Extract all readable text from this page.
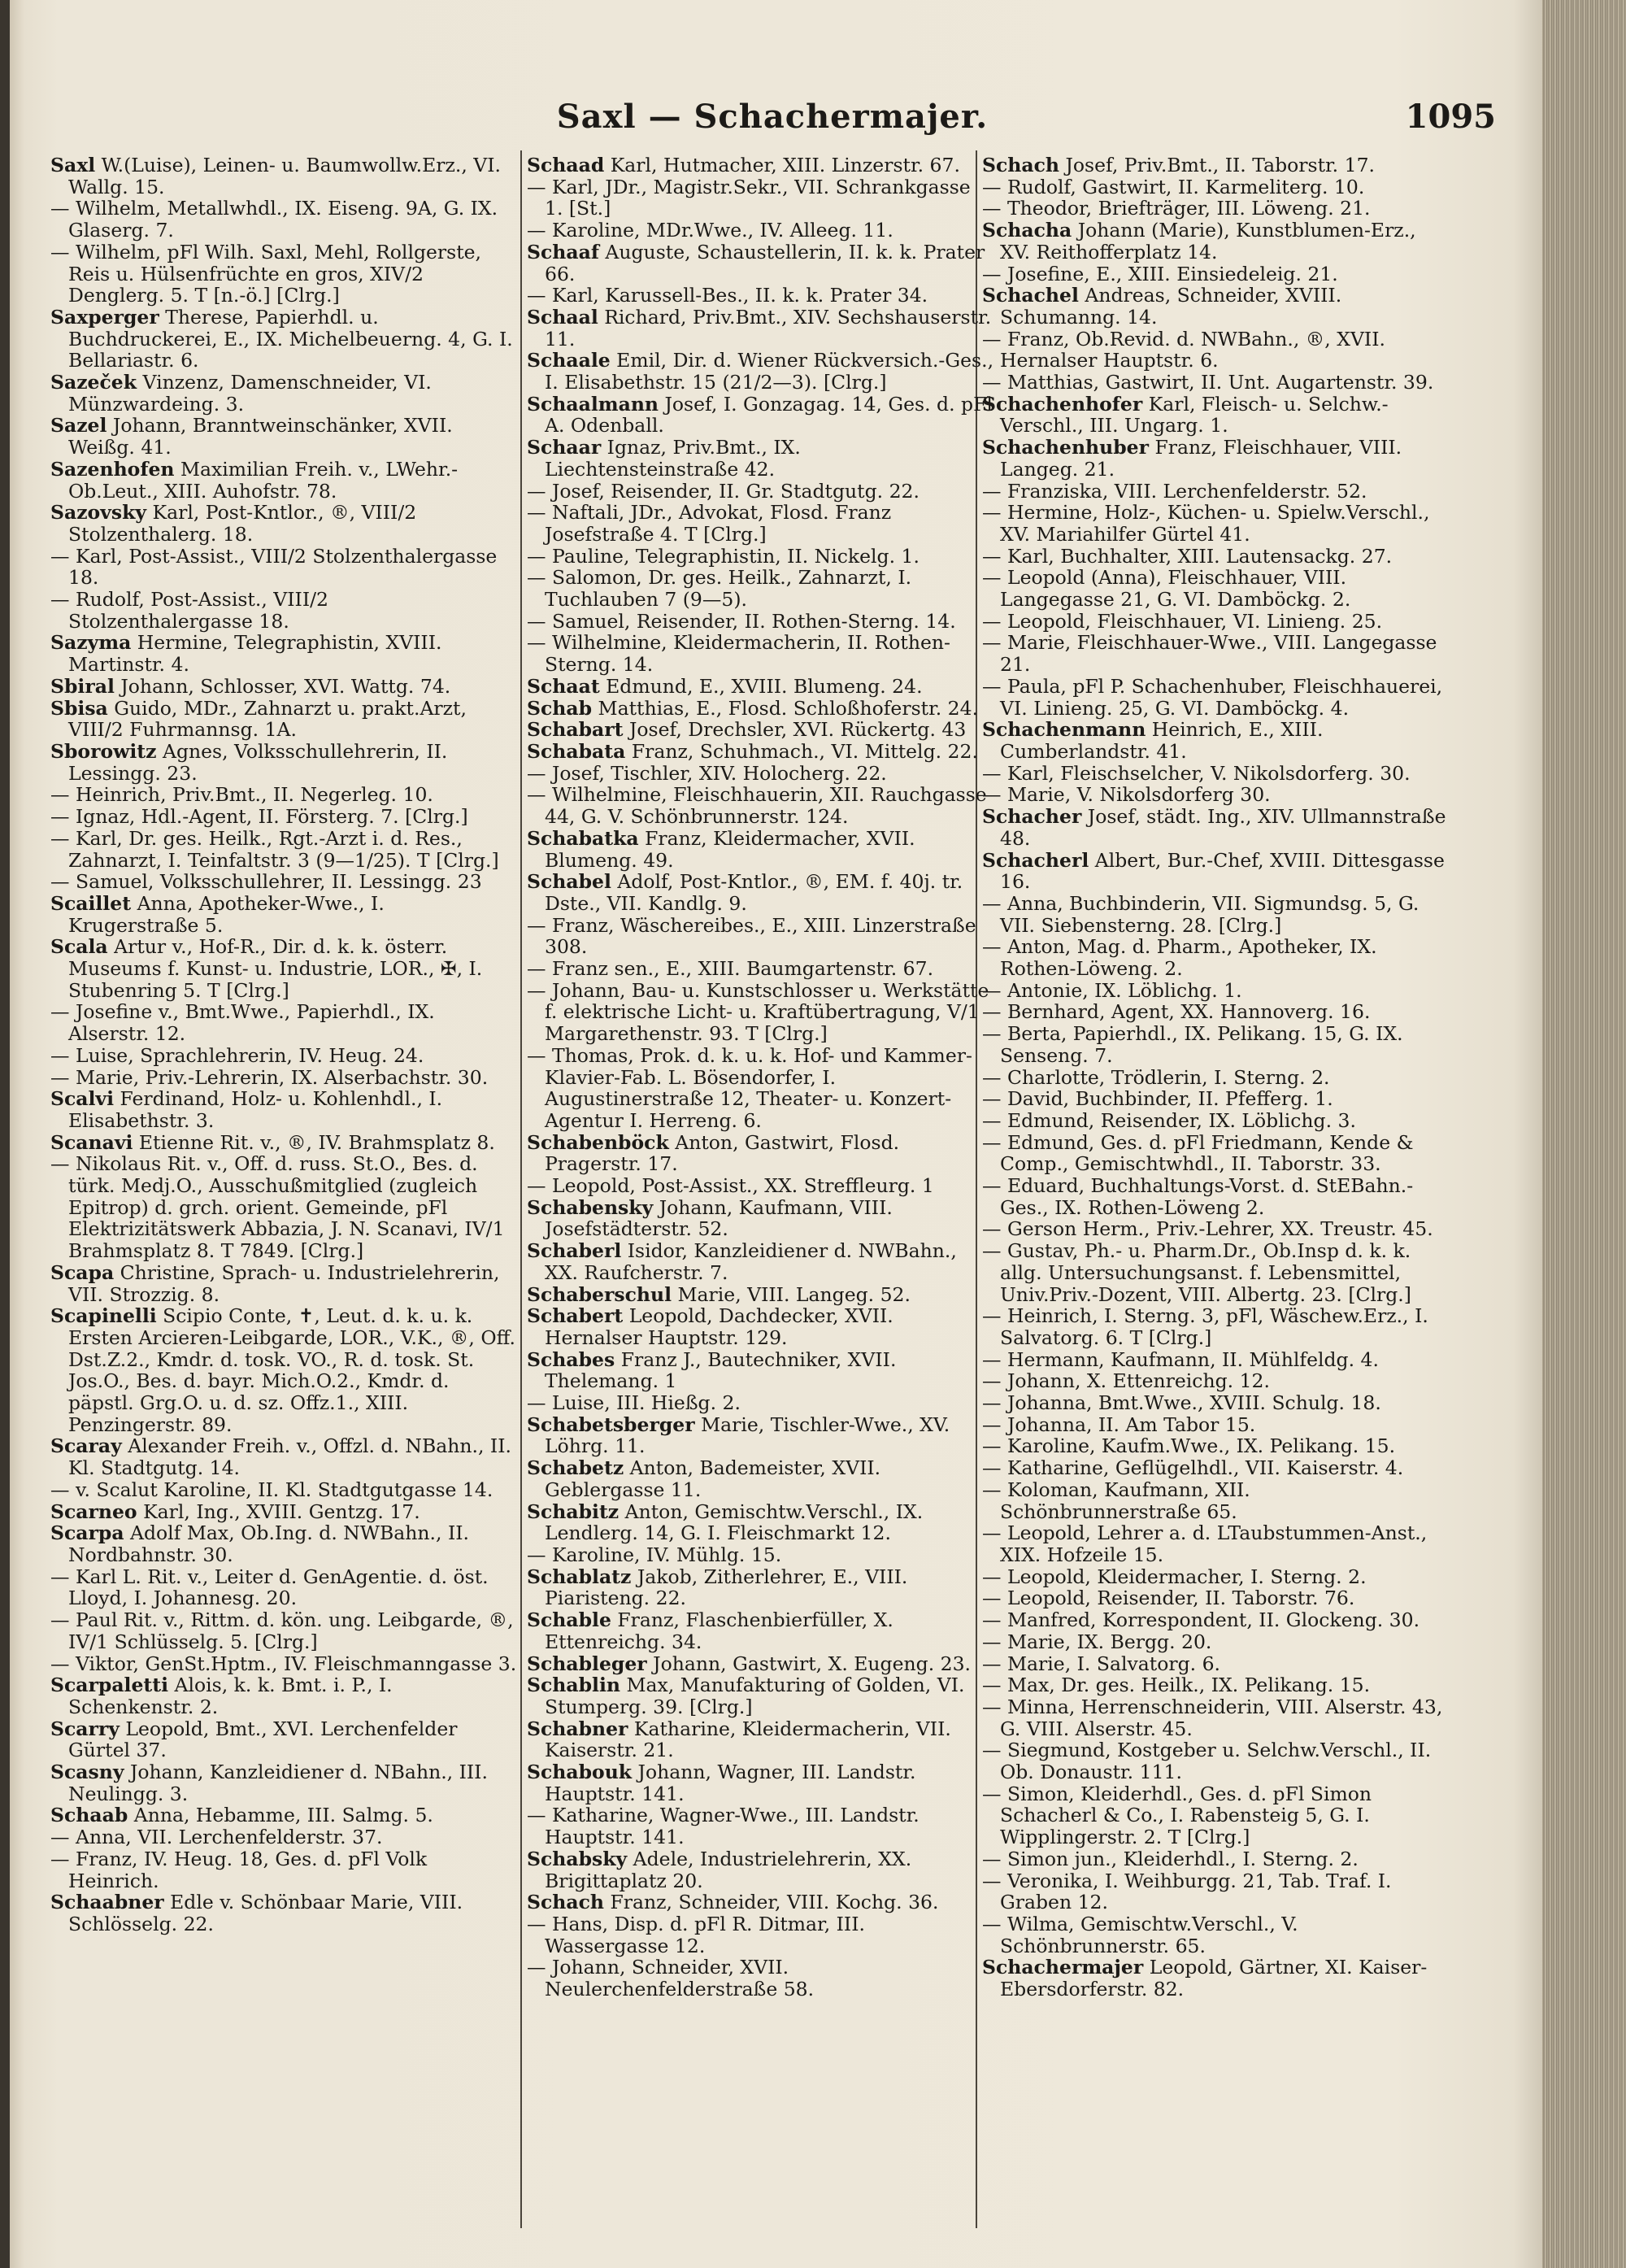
Saxl — Schachermajer.	1095

Saxl W.(Luise), Leinen- u. Baumwollw.Erz., VI. Wallg. 15.

— Wilhelm, Metallwhdl., IX. Eiseng. 9A, G. IX. Glaserg. 7.

— Wilhelm, pFl Wilh. Saxl, Mehl, Rollgerste, Reis u. Hülsenfrüchte en gros, XIV/2 Denglerg. 5. T [n.-ö.] [Clrg.]

Saxperger Therese, Papierhdl. u. Buchdruckerei, E., IX. Michelbeuerng. 4, G. I. Bellariastr. 6.

Sazeček Vinzenz, Damenschneider, VI. Münzwardeing. 3.

Sazel Johann, Branntweinschänker, XVII. Weißg. 41.

Sazenhofen Maximilian Freih. v., LWehr.-Ob.Leut., XIII. Auhofstr. 78.

Sazovsky Karl, Post-Kntlor., ®, VIII/2 Stolzenthalerg. 18.

— Karl, Post-Assist., VIII/2 Stolzenthalergasse 18.

— Rudolf, Post-Assist., VIII/2 Stolzenthalergasse 18.

Sazyma Hermine, Telegraphistin, XVIII. Martinstr. 4.

Sbiral Johann, Schlosser, XVI. Wattg. 74.

Sbisa Guido, MDr., Zahnarzt u. prakt.Arzt, VIII/2 Fuhrmannsg. 1A.

Sborowitz Agnes, Volksschullehrerin, II. Lessingg. 23.

— Heinrich, Priv.Bmt., II. Negerleg. 10.

— Ignaz, Hdl.-Agent, II. Försterg. 7. [Clrg.]

— Karl, Dr. ges. Heilk., Rgt.-Arzt i. d. Res., Zahnarzt, I. Teinfaltstr. 3 (9—1/25). T [Clrg.]

— Samuel, Volksschullehrer, II. Lessingg. 23

Scaillet Anna, Apotheker-Wwe., I. Krugerstraße 5.

Scala Artur v., Hof-R., Dir. d. k. k. österr. Museums f. Kunst- u. Industrie, LOR., ✠, I. Stubenring 5. T [Clrg.]

— Josefine v., Bmt.Wwe., Papierhdl., IX. Alserstr. 12.

— Luise, Sprachlehrerin, IV. Heug. 24.

— Marie, Priv.-Lehrerin, IX. Alserbachstr. 30.

Scalvi Ferdinand, Holz- u. Kohlenhdl., I. Elisabethstr. 3.

Scanavi Etienne Rit. v., ®, IV. Brahmsplatz 8.

— Nikolaus Rit. v., Off. d. russ. St.O., Bes. d. türk. Medj.O., Ausschußmitglied (zugleich Epitrop) d. grch. orient. Gemeinde, pFl Elektrizitätswerk Abbazia, J. N. Scanavi, IV/1 Brahmsplatz 8. T 7849. [Clrg.]

Scapa Christine, Sprach- u. Industrielehrerin, VII. Strozzig. 8.

Scapinelli Scipio Conte, ✝, Leut. d. k. u. k. Ersten Arcieren-Leibgarde, LOR., V.K., ®, Off. Dst.Z.2., Kmdr. d. tosk. VO., R. d. tosk. St. Jos.O., Bes. d. bayr. Mich.O.2., Kmdr. d. päpstl. Grg.O. u. d. sz. Offz.1., XIII. Penzingerstr. 89.

Scaray Alexander Freih. v., Offzl. d. NBahn., II. Kl. Stadtgutg. 14.

— v. Scalut Karoline, II. Kl. Stadtgutgasse 14.

Scarneo Karl, Ing., XVIII. Gentzg. 17.

Scarpa Adolf Max, Ob.Ing. d. NWBahn., II. Nordbahnstr. 30.

— Karl L. Rit. v., Leiter d. GenAgentie. d. öst. Lloyd, I. Johannesg. 20.

— Paul Rit. v., Rittm. d. kön. ung. Leibgarde, ®, IV/1 Schlüsselg. 5. [Clrg.]

— Viktor, GenSt.Hptm., IV. Fleischmanngasse 3.

Scarpaletti Alois, k. k. Bmt. i. P., I. Schenkenstr. 2.

Scarry Leopold, Bmt., XVI. Lerchenfelder Gürtel 37.

Scasny Johann, Kanzleidiener d. NBahn., III. Neulingg. 3.

Schaab Anna, Hebamme, III. Salmg. 5.

— Anna, VII. Lerchenfelderstr. 37.

— Franz, IV. Heug. 18, Ges. d. pFl Volk Heinrich.

Schaabner Edle v. Schönbaar Marie, VIII. Schlösselg. 22.

Schaad Karl, Hutmacher, XIII. Linzerstr. 67.

— Karl, JDr., Magistr.Sekr., VII. Schrankgasse 1. [St.]

— Karoline, MDr.Wwe., IV. Alleeg. 11.

Schaaf Auguste, Schaustellerin, II. k. k. Prater 66.

— Karl, Karussell-Bes., II. k. k. Prater 34.

Schaal Richard, Priv.Bmt., XIV. Sechshauserstr. 11.

Schaale Emil, Dir. d. Wiener Rückversich.-Ges., I. Elisabethstr. 15 (21/2—3). [Clrg.]

Schaalmann Josef, I. Gonzagag. 14, Ges. d. pFl A. Odenball.

Schaar Ignaz, Priv.Bmt., IX. Liechtensteinstraße 42.

— Josef, Reisender, II. Gr. Stadtgutg. 22.

— Naftali, JDr., Advokat, Flosd. Franz Josefstraße 4. T [Clrg.]

— Pauline, Telegraphistin, II. Nickelg. 1.

— Salomon, Dr. ges. Heilk., Zahnarzt, I. Tuchlauben 7 (9—5).

— Samuel, Reisender, II. Rothen-Sterng. 14.

— Wilhelmine, Kleidermacherin, II. Rothen-Sterng. 14.

Schaat Edmund, E., XVIII. Blumeng. 24.

Schab Matthias, E., Flosd. Schloßhoferstr. 24.

Schabart Josef, Drechsler, XVI. Rückertg. 43

Schabata Franz, Schuhmach., VI. Mittelg. 22.

— Josef, Tischler, XIV. Holocherg. 22.

— Wilhelmine, Fleischhauerin, XII. Rauchgasse 44, G. V. Schönbrunnerstr. 124.

Schabatka Franz, Kleidermacher, XVII. Blumeng. 49.

Schabel Adolf, Post-Kntlor., ®, EM. f. 40j. tr. Dste., VII. Kandlg. 9.

— Franz, Wäschereibes., E., XIII. Linzerstraße 308.

— Franz sen., E., XIII. Baumgartenstr. 67.

— Johann, Bau- u. Kunstschlosser u. Werkstätte f. elektrische Licht- u. Kraftübertragung, V/1 Margarethenstr. 93. T [Clrg.]

— Thomas, Prok. d. k. u. k. Hof- und Kammer-Klavier-Fab. L. Bösendorfer, I. Augustinerstraße 12, Theater- u. Konzert-Agentur I. Herreng. 6.

Schabenböck Anton, Gastwirt, Flosd. Pragerstr. 17.

— Leopold, Post-Assist., XX. Streffleurg. 1

Schabensky Johann, Kaufmann, VIII. Josefstädterstr. 52.

Schaberl Isidor, Kanzleidiener d. NWBahn., XX. Raufcherstr. 7.

Schaberschul Marie, VIII. Langeg. 52.

Schabert Leopold, Dachdecker, XVII. Hernalser Hauptstr. 129.

Schabes Franz J., Bautechniker, XVII. Thelemang. 1

— Luise, III. Hießg. 2.

Schabetsberger Marie, Tischler-Wwe., XV. Löhrg. 11.

Schabetz Anton, Bademeister, XVII. Geblergasse 11.

Schabitz Anton, Gemischtw.Verschl., IX. Lendlerg. 14, G. I. Fleischmarkt 12.

— Karoline, IV. Mühlg. 15.

Schablatz Jakob, Zitherlehrer, E., VIII. Piaristeng. 22.

Schable Franz, Flaschenbierfüller, X. Ettenreichg. 34.

Schableger Johann, Gastwirt, X. Eugeng. 23.

Schablin Max, Manufakturing of Golden, VI. Stumperg. 39. [Clrg.]

Schabner Katharine, Kleidermacherin, VII. Kaiserstr. 21.

Schabouk Johann, Wagner, III. Landstr. Hauptstr. 141.

— Katharine, Wagner-Wwe., III. Landstr. Hauptstr. 141.

Schabsky Adele, Industrielehrerin, XX. Brigittaplatz 20.

Schach Franz, Schneider, VIII. Kochg. 36.

— Hans, Disp. d. pFl R. Ditmar, III. Wassergasse 12.

— Johann, Schneider, XVII. Neulerchenfelderstraße 58.

Schach Josef, Priv.Bmt., II. Taborstr. 17.

— Rudolf, Gastwirt, II. Karmeliterg. 10.

— Theodor, Briefträger, III. Löweng. 21.

Schacha Johann (Marie), Kunstblumen-Erz., XV. Reithofferplatz 14.

— Josefine, E., XIII. Einsiedeleig. 21.

Schachel Andreas, Schneider, XVIII. Schumanng. 14.

— Franz, Ob.Revid. d. NWBahn., ®, XVII. Hernalser Hauptstr. 6.

— Matthias, Gastwirt, II. Unt. Augartenstr. 39.

Schachenhofer Karl, Fleisch- u. Selchw.-Verschl., III. Ungarg. 1.

Schachenhuber Franz, Fleischhauer, VIII. Langeg. 21.

— Franziska, VIII. Lerchenfelderstr. 52.

— Hermine, Holz-, Küchen- u. Spielw.Verschl., XV. Mariahilfer Gürtel 41.

— Karl, Buchhalter, XIII. Lautensackg. 27.

— Leopold (Anna), Fleischhauer, VIII. Langegasse 21, G. VI. Damböckg. 2.

— Leopold, Fleischhauer, VI. Linieng. 25.

— Marie, Fleischhauer-Wwe., VIII. Langegasse 21.

— Paula, pFl P. Schachenhuber, Fleischhauerei, VI. Linieng. 25, G. VI. Damböckg. 4.

Schachenmann Heinrich, E., XIII. Cumberlandstr. 41.

— Karl, Fleischselcher, V. Nikolsdorferg. 30.

— Marie, V. Nikolsdorferg 30.

Schacher Josef, städt. Ing., XIV. Ullmannstraße 48.

Schacherl Albert, Bur.-Chef, XVIII. Dittesgasse 16.

— Anna, Buchbinderin, VII. Sigmundsg. 5, G. VII. Siebensterng. 28. [Clrg.]

— Anton, Mag. d. Pharm., Apotheker, IX. Rothen-Löweng. 2.

— Antonie, IX. Löblichg. 1.

— Bernhard, Agent, XX. Hannoverg. 16.

— Berta, Papierhdl., IX. Pelikang. 15, G. IX. Senseng. 7.

— Charlotte, Trödlerin, I. Sterng. 2.

— David, Buchbinder, II. Pfefferg. 1.

— Edmund, Reisender, IX. Löblichg. 3.

— Edmund, Ges. d. pFl Friedmann, Kende & Comp., Gemischtwhdl., II. Taborstr. 33.

— Eduard, Buchhaltungs-Vorst. d. StEBahn.-Ges., IX. Rothen-Löweng 2.

— Gerson Herm., Priv.-Lehrer, XX. Treustr. 45.

— Gustav, Ph.- u. Pharm.Dr., Ob.Insp d. k. k. allg. Untersuchungsanst. f. Lebensmittel, Univ.Priv.-Dozent, VIII. Albertg. 23. [Clrg.]

— Heinrich, I. Sterng. 3, pFl, Wäschew.Erz., I. Salvatorg. 6. T [Clrg.]

— Hermann, Kaufmann, II. Mühlfeldg. 4.

— Johann, X. Ettenreichg. 12.

— Johanna, Bmt.Wwe., XVIII. Schulg. 18.

— Johanna, II. Am Tabor 15.

— Karoline, Kaufm.Wwe., IX. Pelikang. 15.

— Katharine, Geflügelhdl., VII. Kaiserstr. 4.

— Koloman, Kaufmann, XII. Schönbrunnerstraße 65.

— Leopold, Lehrer a. d. LTaubstummen-Anst., XIX. Hofzeile 15.

— Leopold, Kleidermacher, I. Sterng. 2.

— Leopold, Reisender, II. Taborstr. 76.

— Manfred, Korrespondent, II. Glockeng. 30.

— Marie, IX. Bergg. 20.

— Marie, I. Salvatorg. 6.

— Max, Dr. ges. Heilk., IX. Pelikang. 15.

— Minna, Herrenschneiderin, VIII. Alserstr. 43, G. VIII. Alserstr. 45.

— Siegmund, Kostgeber u. Selchw.Verschl., II. Ob. Donaustr. 111.

— Simon, Kleiderhdl., Ges. d. pFl Simon Schacherl & Co., I. Rabensteig 5, G. I. Wipplingerstr. 2. T [Clrg.]

— Simon jun., Kleiderhdl., I. Sterng. 2.

— Veronika, I. Weihburgg. 21, Tab. Traf. I. Graben 12.

— Wilma, Gemischtw.Verschl., V. Schönbrunnerstr. 65.

Schachermajer Leopold, Gärtner, XI. Kaiser-Ebersdorferstr. 82.
